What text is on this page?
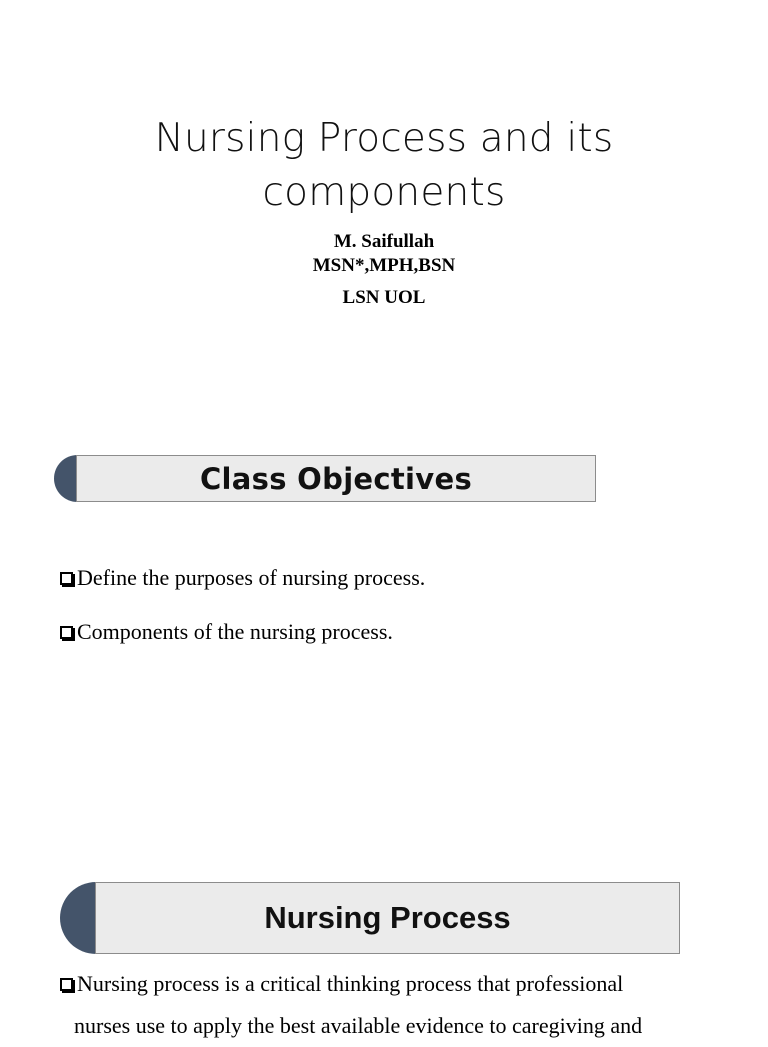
Nursing Process and its
components
M. Saifullah
MSN*,MPH,BSN
LSN UOL
Class Objectives
Define the purposes of nursing process.
Components of the nursing process.
Nursing Process
Nursing process is a critical thinking process that professional
nurses use to apply the best available evidence to caregiving and
